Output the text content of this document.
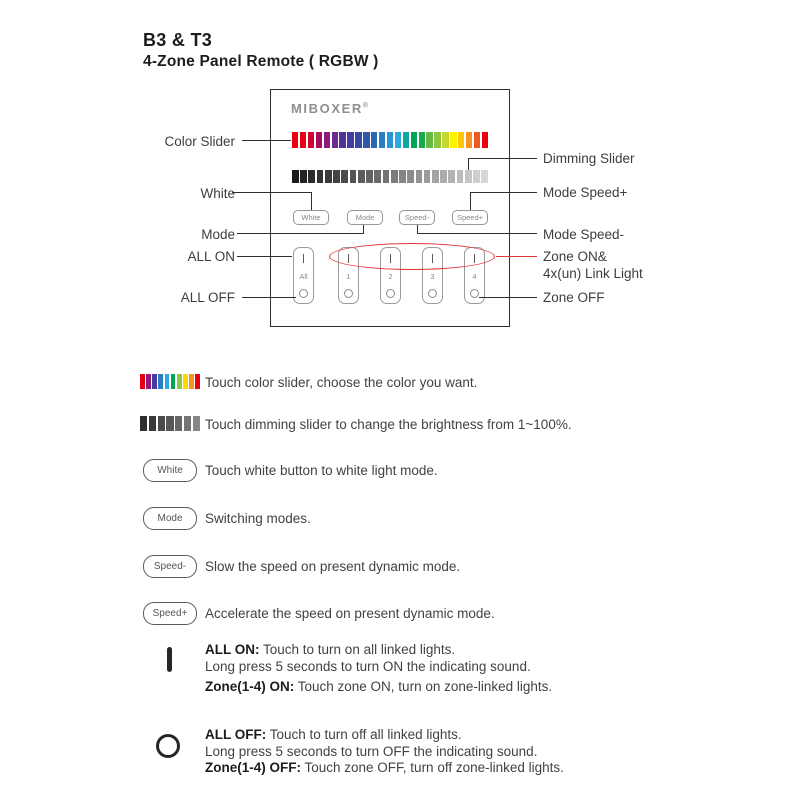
B3 & T3
4-Zone Panel Remote ( RGBW )
MIBOXER®
White	Mode	Speed-	Speed+
All	1	2	3	4
Color Slider
White
Mode
ALL ON
ALL OFF
Dimming Slider
Mode Speed+
Mode Speed-
Zone ON&
4x(un) Link Light
Zone OFF
Touch color slider, choose the color you want.
Touch dimming slider to change the brightness from 1~100%.
White	Touch white button to white light mode.
Mode	Switching modes.
Speed-	Slow the speed on present dynamic mode.
Speed+	Accelerate the speed on present dynamic mode.
ALL ON: Touch to turn on all linked lights.
Long press 5 seconds to turn ON the indicating sound.
Zone(1-4) ON: Touch zone ON, turn on zone-linked lights.
ALL OFF: Touch to turn off all linked lights.
Long press 5 seconds to turn OFF the indicating sound.
Zone(1-4) OFF: Touch zone OFF, turn off zone-linked lights.
